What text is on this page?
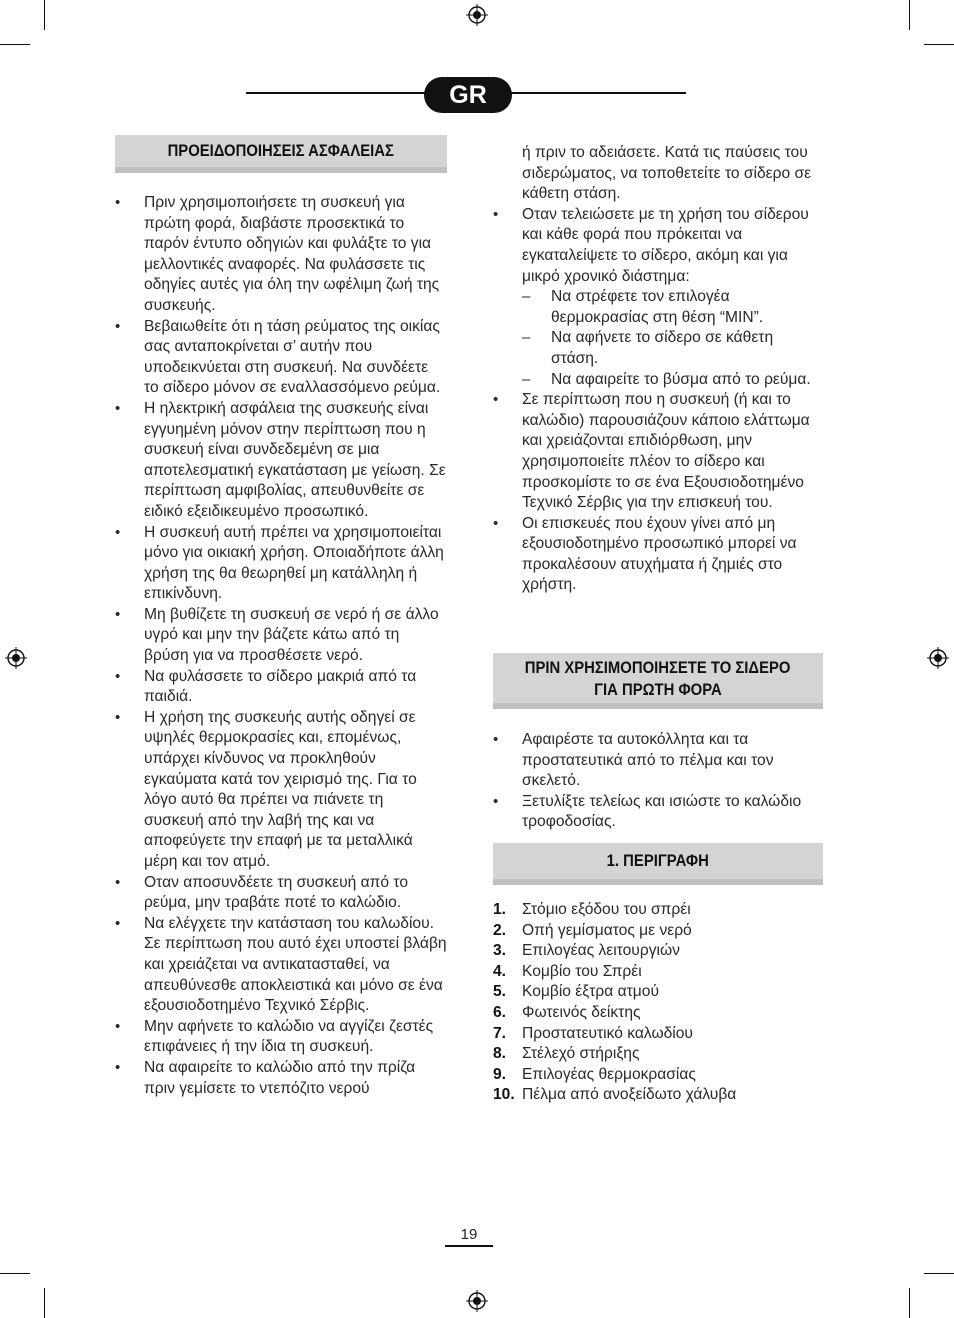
GR
ΠΡΟΕΙΔΟΠΟΙΗΣΕΙΣ ΑΣΦΑΛΕΙΑΣ
• Πριν χρησιμοποιήσετε τη συσκευή για πρώτη φορά, διαβάστε προσεκτικά το παρόν έντυπο οδηγιών και φυλάξτε το για μελλοντικές αναφορές. Να φυλάσσετε τις οδηγίες αυτές για όλη την ωφέλιμη ζωή της συσκευής.
• Βεβαιωθείτε ότι η τάση ρεύματος της οικίας σας ανταποκρίνεται σ’ αυτήν που υποδεικνύεται στη συσκευή. Να συνδέετε το σίδερο μόνον σε εναλλασσόμενο ρεύμα.
• Η ηλεκτρική ασφάλεια της συσκευής είναι εγγυημένη μόνον στην περίπτωση που η συσκευή είναι συνδεδεμένη σε μια αποτελεσματική εγκατάσταση με γείωση. Σε περίπτωση αμφιβολίας, απευθυνθείτε σε ειδικό εξειδικευμένο προσωπικό.
• Η συσκευή αυτή πρέπει να χρησιμοποιείται μόνο για οικιακή χρήση. Οποιαδήποτε άλλη χρήση της θα θεωρηθεί μη κατάλληλη ή επικίνδυνη.
• Μη βυθίζετε τη συσκευή σε νερό ή σε άλλο υγρό και μην την βάζετε κάτω από τη βρύση για να προσθέσετε νερό.
• Να φυλάσσετε το σίδερο μακριά από τα παιδιά.
• Η χρήση της συσκευής αυτής οδηγεί σε υψηλές θερμοκρασίες και, επομένως, υπάρχει κίνδυνος να προκληθούν εγκαύματα κατά τον χειρισμό της. Για το λόγο αυτό θα πρέπει να πιάνετε τη συσκευή από την λαβή της και να αποφεύγετε την επαφή με τα μεταλλικά μέρη και τον ατμό.
• Οταν αποσυνδέετε τη συσκευή από το ρεύμα, μην τραβάτε ποτέ το καλώδιο.
• Να ελέγχετε την κατάσταση του καλωδίου. Σε περίπτωση που αυτό έχει υποστεί βλάβη και χρειάζεται να αντικατασταθεί, να απευθύνεσθε αποκλειστικά και μόνο σε ένα εξουσιοδοτημένο Τεχνικό Σέρβις.
• Μην αφήνετε το καλώδιο να αγγίζει ζεστές επιφάνειες ή την ίδια τη συσκευή.
• Να αφαιρείτε το καλώδιο από την πρίζα πριν γεμίσετε το ντεπόζιτο νερού
ή πριν το αδειάσετε. Κατά τις παύσεις του σιδερώματος, να τοποθετείτε το σίδερο σε κάθετη στάση.
• Οταν τελειώσετε με τη χρήση του σίδερου και κάθε φορά που πρόκειται να εγκαταλείψετε το σίδερο, ακόμη και για μικρό χρονικό διάστημα:
– Να στρέφετε τον επιλογέα θερμοκρασίας στη θέση “MIN”.
– Να αφήνετε το σίδερο σε κάθετη στάση.
– Να αφαιρείτε το βύσμα από το ρεύμα.
• Σε περίπτωση που η συσκευή (ή και το καλώδιο) παρουσιάζουν κάποιο ελάττωμα και χρειάζονται επιδιόρθωση, μην χρησιμοποιείτε πλέον το σίδερο και προσκομίστε το σε ένα Εξουσιοδοτημένο Τεχνικό Σέρβις για την επισκευή του.
• Οι επισκευές που έχουν γίνει από μη εξουσιοδοτημένο προσωπικό μπορεί να προκαλέσουν ατυχήματα ή ζημιές στο χρήστη.
ΠΡΙΝ ΧΡΗΣΙΜΟΠΟΙΗΣΕΤΕ ΤΟ ΣΙΔΕΡΟ
ΓΙΑ ΠΡΩΤΗ ΦΟΡΑ
• Αφαιρέστε τα αυτοκόλλητα και τα προστατευτικά από το πέλμα και τον σκελετό.
• Ξετυλίξτε τελείως και ισιώστε το καλώδιο τροφοδοσίας.
1. ΠΕΡΙΓΡΑΦΗ
1. Στόμιο εξόδου του σπρέι
2. Οπή γεμίσματος με νερό
3. Επιλογέας λειτουργιών
4. Κομβίο του Σπρέι
5. Κομβίο έξτρα ατμού
6. Φωτεινός δείκτης
7. Προστατευτικό καλωδίου
8. Στέλεχό στήριξης
9. Επιλογέας θερμοκρασίας
10. Πέλμα από ανοξείδωτο χάλυβα
19
